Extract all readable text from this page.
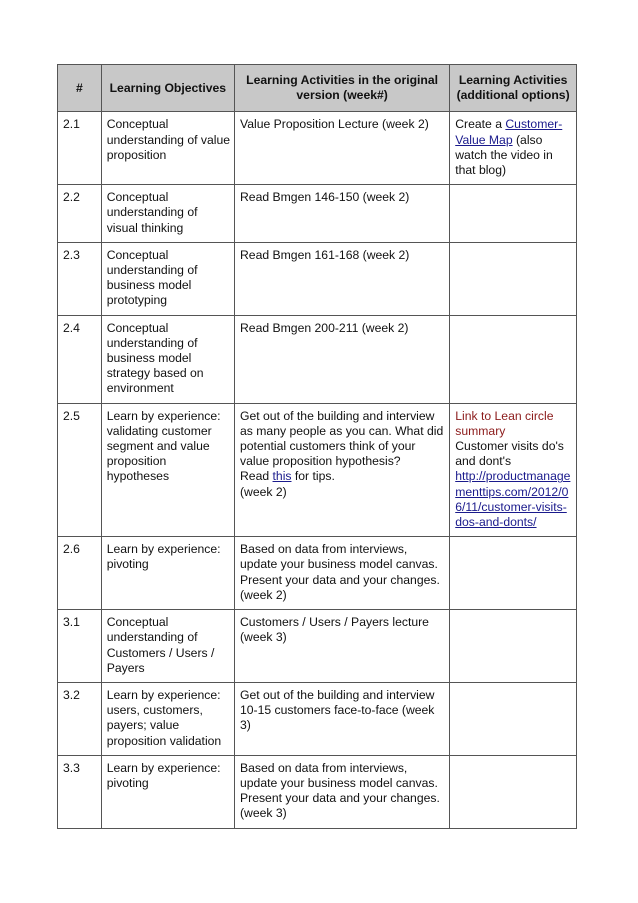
#	Learning Objectives	Learning Activities in the original version (week#)	Learning Activities (additional options)
2.1	Conceptual understanding of value proposition	Value Proposition Lecture (week 2)	Create a Customer-Value Map (also watch the video in that blog)
2.2	Conceptual understanding of visual thinking	Read Bmgen 146-150 (week 2)	
2.3	Conceptual understanding of business model prototyping	Read Bmgen 161-168 (week 2)	
2.4	Conceptual understanding of business model strategy based on environment	Read Bmgen 200-211 (week 2)	
2.5	Learn by experience: validating customer segment and value proposition hypotheses	Get out of the building and interview as many people as you can. What did potential customers think of your value proposition hypothesis?
Read this for tips.
(week 2)	Link to Lean circle summary
Customer visits do's and dont's
http://productmanagementtips.com/2012/06/11/customer-visits-dos-and-donts/

2.6	Learn by experience: pivoting	Based on data from interviews, update your business model canvas. Present your data and your changes. (week 2)	
3.1	Conceptual understanding of Customers / Users / Payers	Customers / Users / Payers lecture (week 3)	
3.2	Learn by experience: users, customers, payers; value proposition validation	Get out of the building and interview 10-15 customers face-to-face (week 3)	
3.3	Learn by experience: pivoting	Based on data from interviews, update your business model canvas. Present your data and your changes. (week 3)	
